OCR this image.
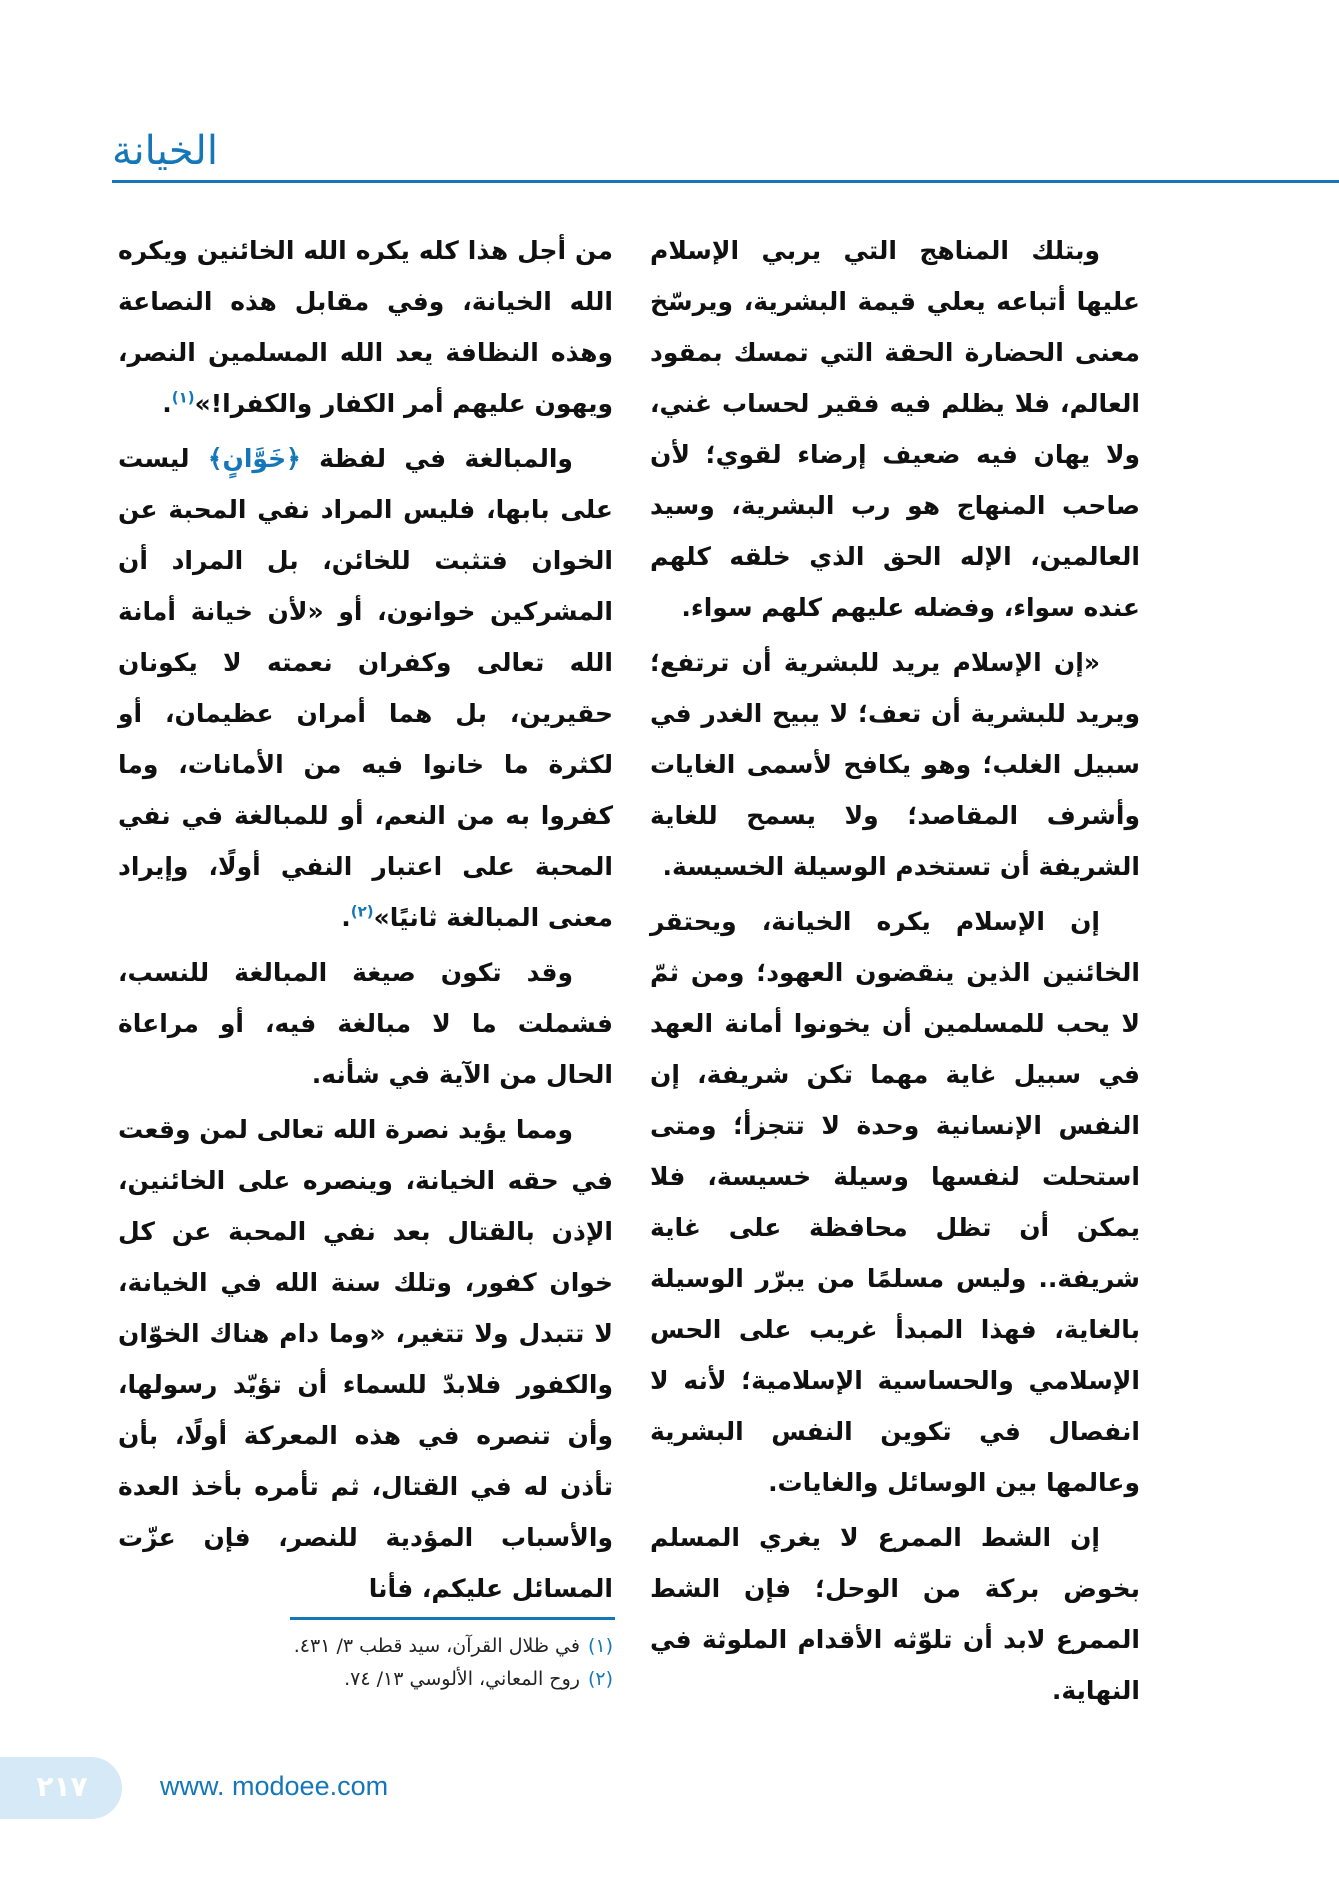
الخيانة

وبتلك المناهج التي يربي الإسلام عليها أتباعه يعلي قيمة البشرية، ويرسّخ معنى الحضارة الحقة التي تمسك بمقود العالم، فلا يظلم فيه فقير لحساب غني، ولا يهان فيه ضعيف إرضاء لقوي؛ لأن صاحب المنهاج هو رب البشرية، وسيد العالمين، الإله الحق الذي خلقه كلهم عنده سواء، وفضله عليهم كلهم سواء.

«إن الإسلام يريد للبشرية أن ترتفع؛ ويريد للبشرية أن تعف؛ لا يبيح الغدر في سبيل الغلب؛ وهو يكافح لأسمى الغايات وأشرف المقاصد؛ ولا يسمح للغاية الشريفة أن تستخدم الوسيلة الخسيسة.

إن الإسلام يكره الخيانة، ويحتقر الخائنين الذين ينقضون العهود؛ ومن ثمّ لا يحب للمسلمين أن يخونوا أمانة العهد في سبيل غاية مهما تكن شريفة، إن النفس الإنسانية وحدة لا تتجزأ؛ ومتى استحلت لنفسها وسيلة خسيسة، فلا يمكن أن تظل محافظة على غاية شريفة.. وليس مسلمًا من يبرّر الوسيلة بالغاية، فهذا المبدأ غريب على الحس الإسلامي والحساسية الإسلامية؛ لأنه لا انفصال في تكوين النفس البشرية وعالمها بين الوسائل والغايات.

إن الشط الممرع لا يغري المسلم بخوض بركة من الوحل؛ فإن الشط الممرع لابد أن تلوّثه الأقدام الملوثة في النهاية.

من أجل هذا كله يكره الله الخائنين ويكره الله الخيانة، وفي مقابل هذه النصاعة وهذه النظافة يعد الله المسلمين النصر، ويهون عليهم أمر الكفار والكفرا!»$^{(١)}$.

والمبالغة في لفظة ﴿خَوَّانٍ﴾ ليست على بابها، فليس المراد نفي المحبة عن الخوان فتثبت للخائن، بل المراد أن المشركين خوانون، أو «لأن خيانة أمانة الله تعالى وكفران نعمته لا يكونان حقيرين، بل هما أمران عظيمان، أو لكثرة ما خانوا فيه من الأمانات، وما كفروا به من النعم، أو للمبالغة في نفي المحبة على اعتبار النفي أولًا، وإيراد معنى المبالغة ثانيًا»$^{(٢)}$.

وقد تكون صيغة المبالغة للنسب، فشملت ما لا مبالغة فيه، أو مراعاة الحال من الآية في شأنه.

ومما يؤيد نصرة الله تعالى لمن وقعت في حقه الخيانة، وينصره على الخائنين، الإذن بالقتال بعد نفي المحبة عن كل خوان كفور، وتلك سنة الله في الخيانة، لا تتبدل ولا تتغير، «وما دام هناك الخوّان والكفور فلابدّ للسماء أن تؤيّد رسولها، وأن تنصره في هذه المعركة أولًا، بأن تأذن له في القتال، ثم تأمره بأخذ العدة والأسباب المؤدية للنصر، فإن عزّت المسائل عليكم، فأنا

(١)في ظلال القرآن، سيد قطب ٣/ ٤٣١.
(٢)روح المعاني، الألوسي ١٣/ ٧٤.
٢١٧	www. modoee.com
